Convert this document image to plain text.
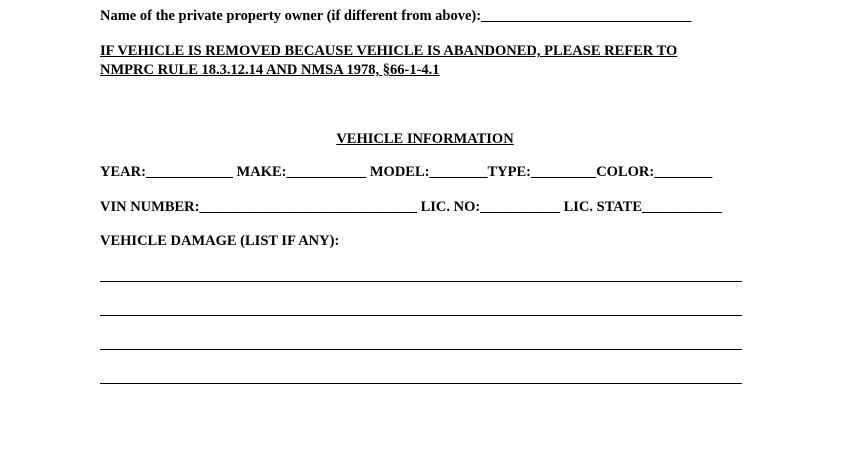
Name of the private property owner (if different from above):_____________________________

IF VEHICLE IS REMOVED BECAUSE VEHICLE IS ABANDONED, PLEASE REFER TO

NMPRC RULE 18.3.12.14 AND NMSA 1978, §66-1-4.1

VEHICLE INFORMATION

YEAR:____________ MAKE:___________ MODEL:________TYPE:_________COLOR:________

VIN NUMBER:______________________________ LIC. NO:___________ LIC. STATE___________

VEHICLE DAMAGE (LIST IF ANY):
